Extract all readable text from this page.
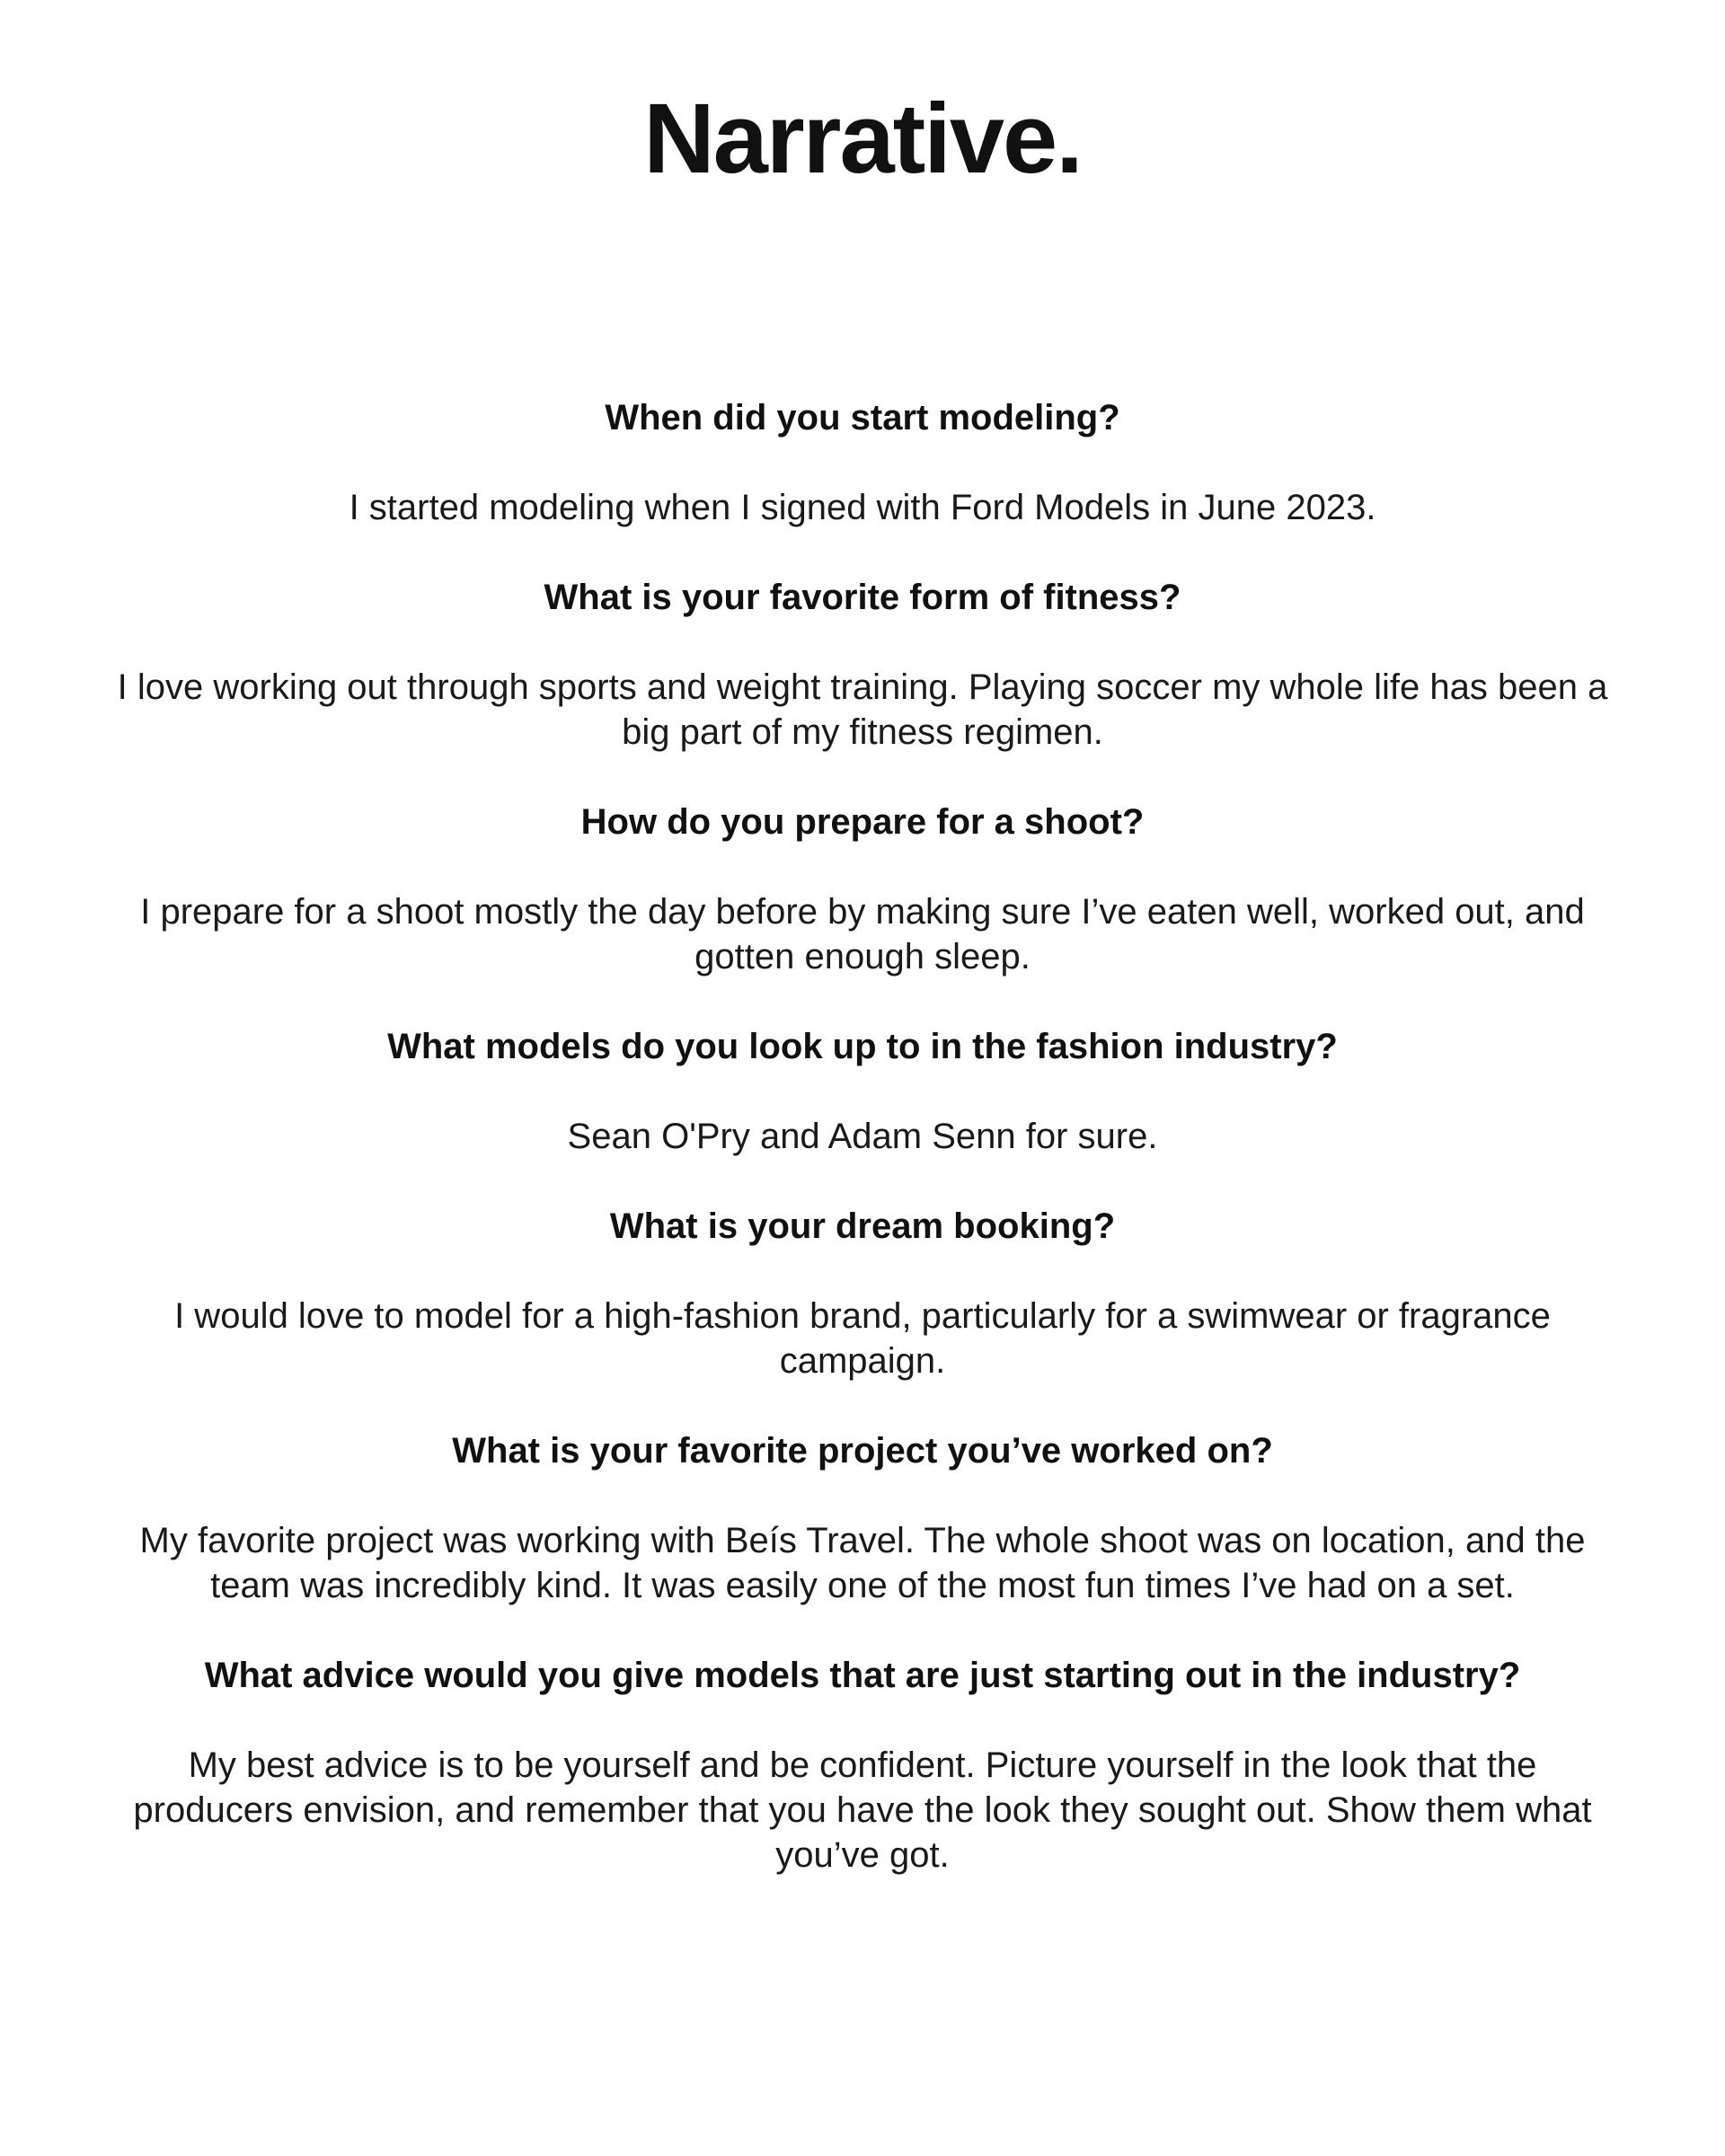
Narrative.

When did you start modeling?

I started modeling when I signed with Ford Models in June 2023.

What is your favorite form of fitness?

I love working out through sports and weight training. Playing soccer my whole life has been a big part of my fitness regimen.

How do you prepare for a shoot?

I prepare for a shoot mostly the day before by making sure I’ve eaten well, worked out, and gotten enough sleep.

What models do you look up to in the fashion industry?

Sean O'Pry and Adam Senn for sure.

What is your dream booking?

I would love to model for a high-fashion brand, particularly for a swimwear or fragrance campaign.

What is your favorite project you’ve worked on?

My favorite project was working with Beís Travel. The whole shoot was on location, and the team was incredibly kind. It was easily one of the most fun times I’ve had on a set.

What advice would you give models that are just starting out in the industry?

My best advice is to be yourself and be confident. Picture yourself in the look that the producers envision, and remember that you have the look they sought out. Show them what you’ve got.
